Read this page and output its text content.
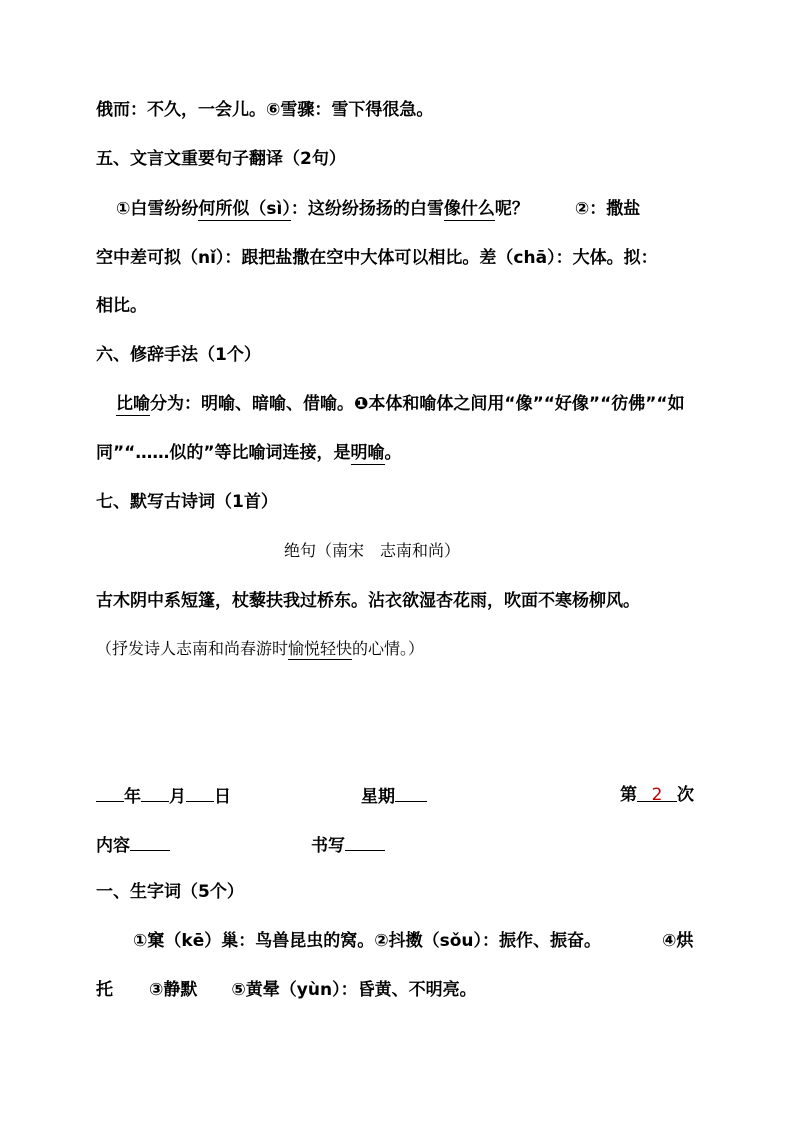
俄而：不久，一会儿。⑥雪骤：雪下得很急。
五、文言文重要句子翻译（2句）
①白雪纷纷何所似（sì）：这纷纷扬扬的白雪像什么呢？	②：撒盐
空中差可拟（nǐ）：跟把盐撒在空中大体可以相比。差（chā）：大体。拟：
相比。
六、修辞手法（1个）
比喻分为：明喻、暗喻、借喻。❶本体和喻体之间用“像”“好像”“彷佛”“如
同”“……似的”等比喻词连接，是明喻。
七、默写古诗词（1首）
绝句（南宋　志南和尚）
古木阴中系短篷，杖藜扶我过桥东。沾衣欲湿杏花雨，吹面不寒杨柳风。
（抒发诗人志南和尚春游时愉悦轻快的心情。）
年 月 日	星期	第 2 次
内容	书写
一、生字词（5个）
①窠（kē）巢：鸟兽昆虫的窝。②抖擞（sǒu）：振作、振奋。	④烘
托 ③静默 ⑤黄晕（yùn）：昏黄、不明亮。
